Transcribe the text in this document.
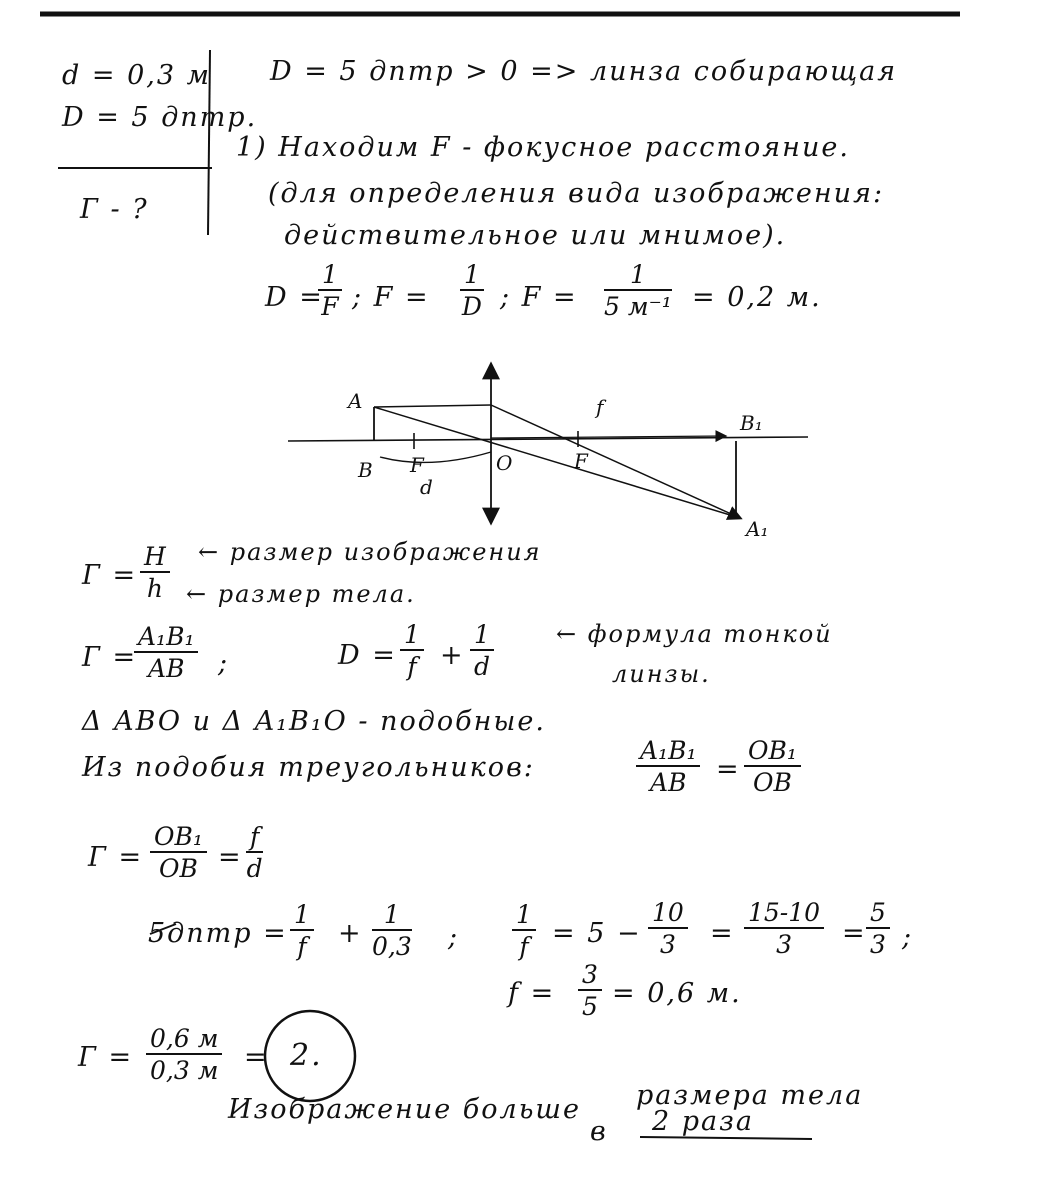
d = 0,3 м
D = 5 дптр.
Г - ?
D = 5 дптр > 0 => линза собирающая
1) Находим F - фокусное расстояние.
(для определения вида изображения:
действительное или мнимое).
D =
$\frac{1}{F}$ ; $F = \frac{1}{D}$ ; F =
1
5 м⁻¹ = 0,2 м.
A
B F	O	F
d
f
B₁
A₁
$Г = \frac{H}{h}$ ← размер изображения
← размер тела.
Г =
$\frac{\text{A₁B₁}}{AB}$ ;	$D = \frac{1}{f} + \frac{1}{d}$	← формула тонкой
линзы.
Δ ABO и Δ A₁B₁O - подобные.
Из подобия треугольников:	$\frac{\text{A₁B₁}}{AB} = \frac{\text{OB₁}}{OB}$
$Г = \frac{\text{OB₁}}{OB} = \frac{f}{d}$
5дптр = $\frac{1}{f} + \frac{1}{0,3}$ ; $\frac{1}{f} = 5 - \frac{10}{3} = \frac{15-10}{3} = \frac{5}{3}$ ;
$f = \frac{3}{5} = 0,6$ м.
Г =
0,6 м
0,3 м = 2.
Изображение больше размера тела
в 2 раза
